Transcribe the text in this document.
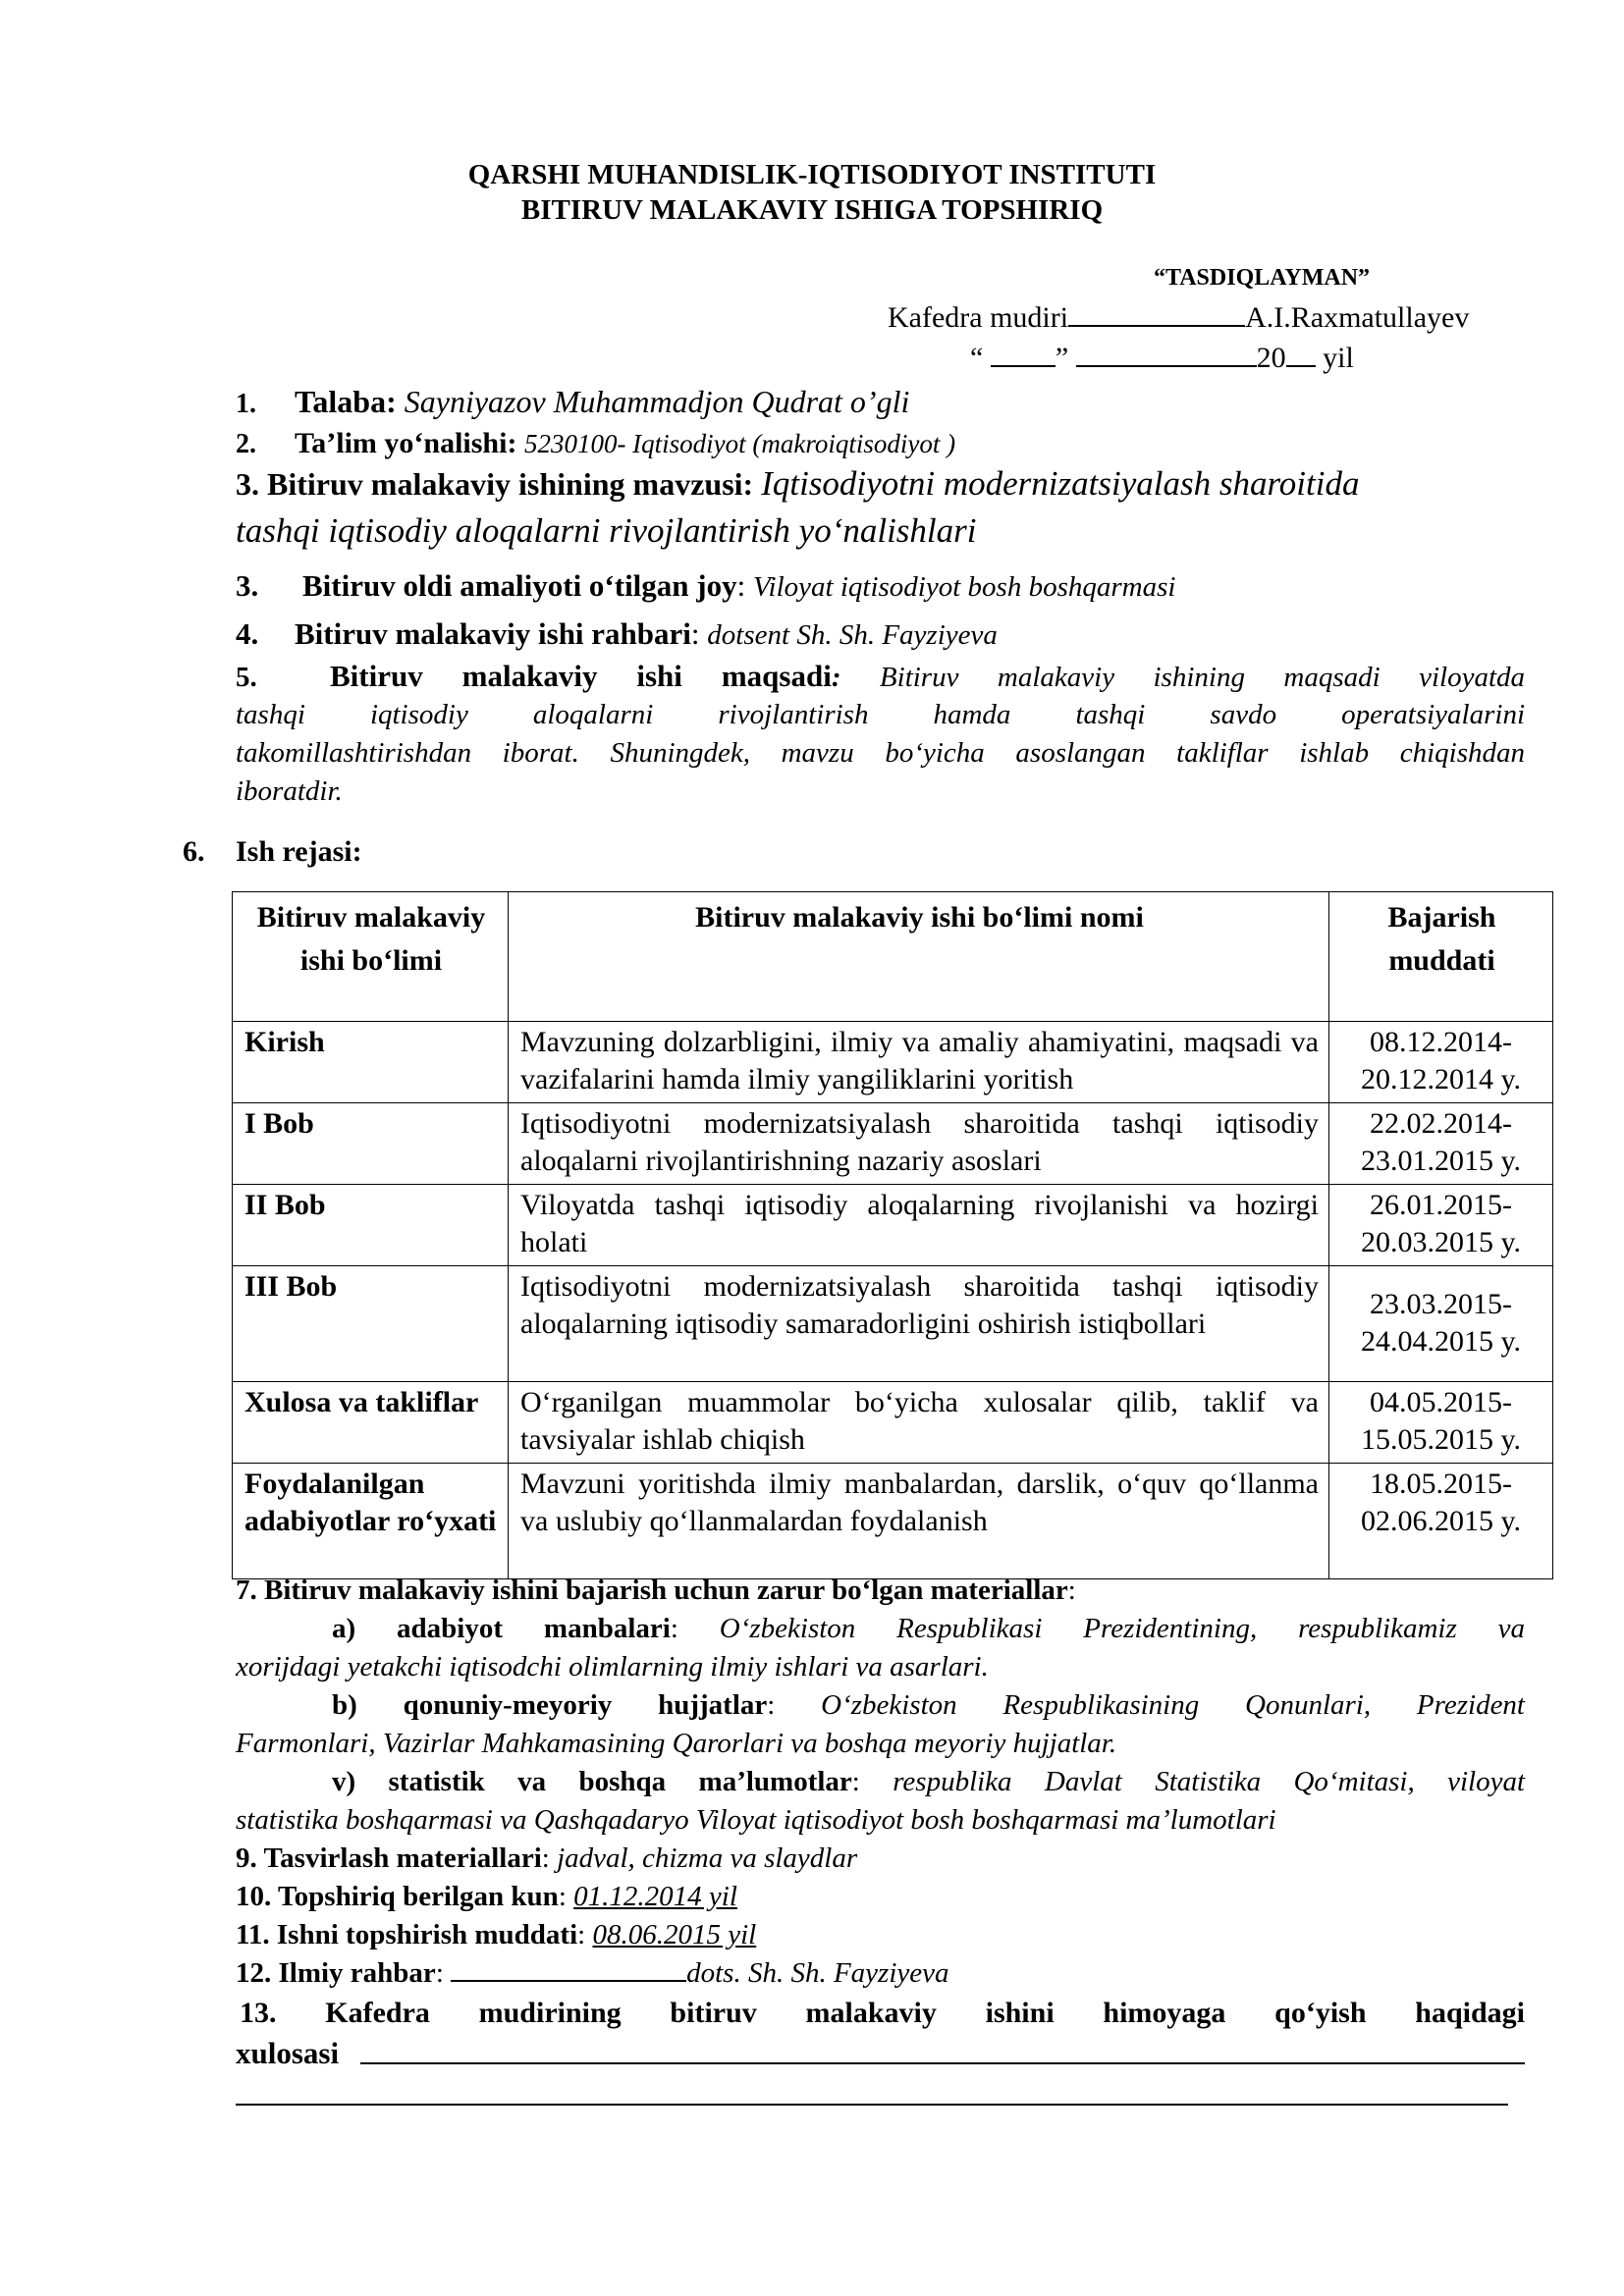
QARSHI MUHANDISLIK-IQTISODIYOT INSTITUTI
BITIRUV MALAKAVIY ISHIGA TOPSHIRIQ
“TASDIQLAYMAN”
Kafedra mudiri	A.I.Raxmatullayev
“ ”	20 yil
1. Talaba: Sayniyazov Muhammadjon Qudrat o’gli
2. Ta’lim yo‘nalishi: 5230100- Iqtisodiyot (makroiqtisodiyot )
3. Bitiruv malakaviy ishining mavzusi: Iqtisodiyotni modernizatsiyalash sharoitida
tashqi iqtisodiy aloqalarni rivojlantirish yo‘nalishlari
3. Bitiruv oldi amaliyoti o‘tilgan joy: Viloyat iqtisodiyot bosh boshqarmasi
4. Bitiruv malakaviy ishi rahbari: dotsent Sh. Sh. Fayziyeva
5. Bitiruv malakaviy ishi maqsadi: Bitiruv malakaviy ishining maqsadi viloyatda
tashqi iqtisodiy aloqalarni rivojlantirish hamda tashqi savdo operatsiyalarini
takomillashtirishdan iborat. Shuningdek, mavzu bo‘yicha asoslangan takliflar ishlab chiqishdan
iboratdir.
6. Ish rejasi:
Bitiruv malakaviy ishi bo‘limi	Bitiruv malakaviy ishi bo‘limi nomi	Bajarish muddati
Kirish	Mavzuning dolzarbligini, ilmiy va amaliy ahamiyatini, maqsadi va vazifalarini hamda ilmiy yangiliklarini yoritish	08.12.2014-20.12.2014 y.
I Bob	Iqtisodiyotni modernizatsiyalash sharoitida tashqi iqtisodiy aloqalarni rivojlantirishning nazariy asoslari	22.02.2014-23.01.2015 y.
II Bob	Viloyatda tashqi iqtisodiy aloqalarning rivojlanishi va hozirgi holati	26.01.2015-20.03.2015 y.
III Bob	Iqtisodiyotni modernizatsiyalash sharoitida tashqi iqtisodiy aloqalarning iqtisodiy samaradorligini oshirish istiqbollari	23.03.2015-24.04.2015 y.
Xulosa va takliflar	O‘rganilgan muammolar bo‘yicha xulosalar qilib, taklif va tavsiyalar ishlab chiqish	04.05.2015-15.05.2015 y.
Foydalanilgan adabiyotlar ro‘yxati	Mavzuni yoritishda ilmiy manbalardan, darslik, o‘quv qo‘llanma va uslubiy qo‘llanmalardan foydalanish	18.05.2015-02.06.2015 y.
7. Bitiruv malakaviy ishini bajarish uchun zarur bo‘lgan materiallar:
a) adabiyot manbalari: O‘zbekiston Respublikasi Prezidentining, respublikamiz va
xorijdagi yetakchi iqtisodchi olimlarning ilmiy ishlari va asarlari.
b) qonuniy-meyoriy hujjatlar: O‘zbekiston Respublikasining Qonunlari, Prezident
Farmonlari, Vazirlar Mahkamasining Qarorlari va boshqa meyoriy hujjatlar.
v) statistik va boshqa ma’lumotlar: respublika Davlat Statistika Qo‘mitasi, viloyat
statistika boshqarmasi va Qashqadaryo Viloyat iqtisodiyot bosh boshqarmasi ma’lumotlari
9. Tasvirlash materiallari: jadval, chizma va slaydlar
10. Topshiriq berilgan kun: 01.12.2014 yil
11. Ishni topshirish muddati: 08.06.2015 yil
12. Ilmiy rahbar:	dots. Sh. Sh. Fayziyeva
13. Kafedra mudirining bitiruv malakaviy ishini himoyaga qo‘yish haqidagi
xulosasi
